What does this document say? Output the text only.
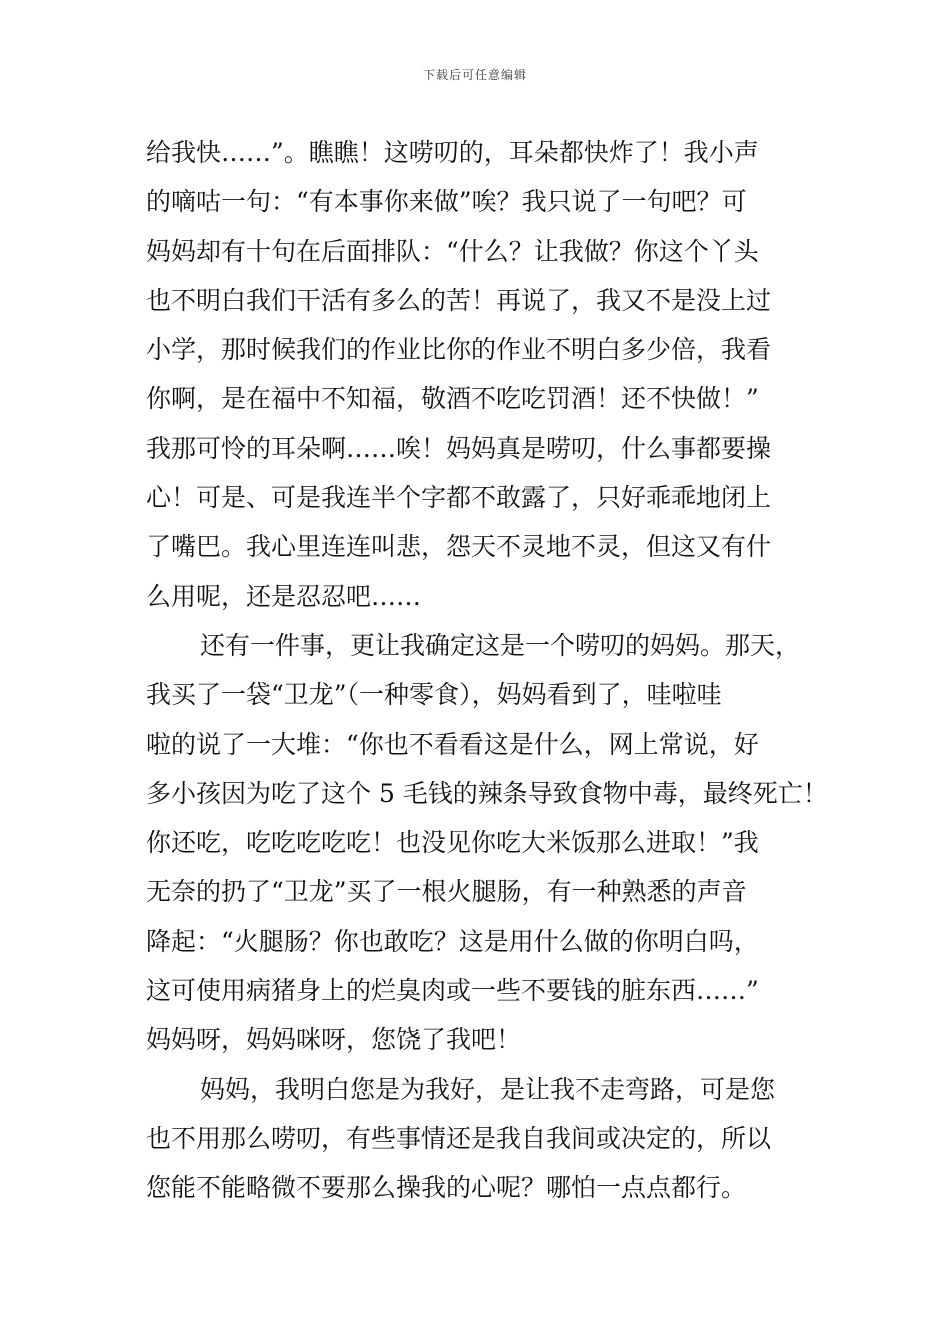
下载后可任意编辑
给我快……”。瞧瞧！这唠叨的，耳朵都快炸了！我小声
的嘀咕一句：“有本事你来做”唉？我只说了一句吧？可
妈妈却有十句在后面排队：“什么？让我做？你这个丫头
也不明白我们干活有多么的苦！再说了，我又不是没上过
小学，那时候我们的作业比你的作业不明白多少倍，我看
你啊，是在福中不知福，敬酒不吃吃罚酒！还不快做！”
我那可怜的耳朵啊……唉！妈妈真是唠叨，什么事都要操
心！可是、可是我连半个字都不敢露了，只好乖乖地闭上
了嘴巴。我心里连连叫悲，怨天不灵地不灵，但这又有什
么用呢，还是忍忍吧……
还有一件事，更让我确定这是一个唠叨的妈妈。那天，
我买了一袋“卫龙”（一种零食），妈妈看到了，哇啦哇
啦的说了一大堆：“你也不看看这是什么，网上常说，好
多小孩因为吃了这个 5 毛钱的辣条导致食物中毒，最终死亡！
你还吃，吃吃吃吃吃！也没见你吃大米饭那么进取！”我
无奈的扔了“卫龙”买了一根火腿肠，有一种熟悉的声音
降起：“火腿肠？你也敢吃？这是用什么做的你明白吗，
这可使用病猪身上的烂臭肉或一些不要钱的脏东西……”
妈妈呀，妈妈咪呀，您饶了我吧！
妈妈，我明白您是为我好，是让我不走弯路，可是您
也不用那么唠叨，有些事情还是我自我间或决定的，所以
您能不能略微不要那么操我的心呢？哪怕一点点都行。
